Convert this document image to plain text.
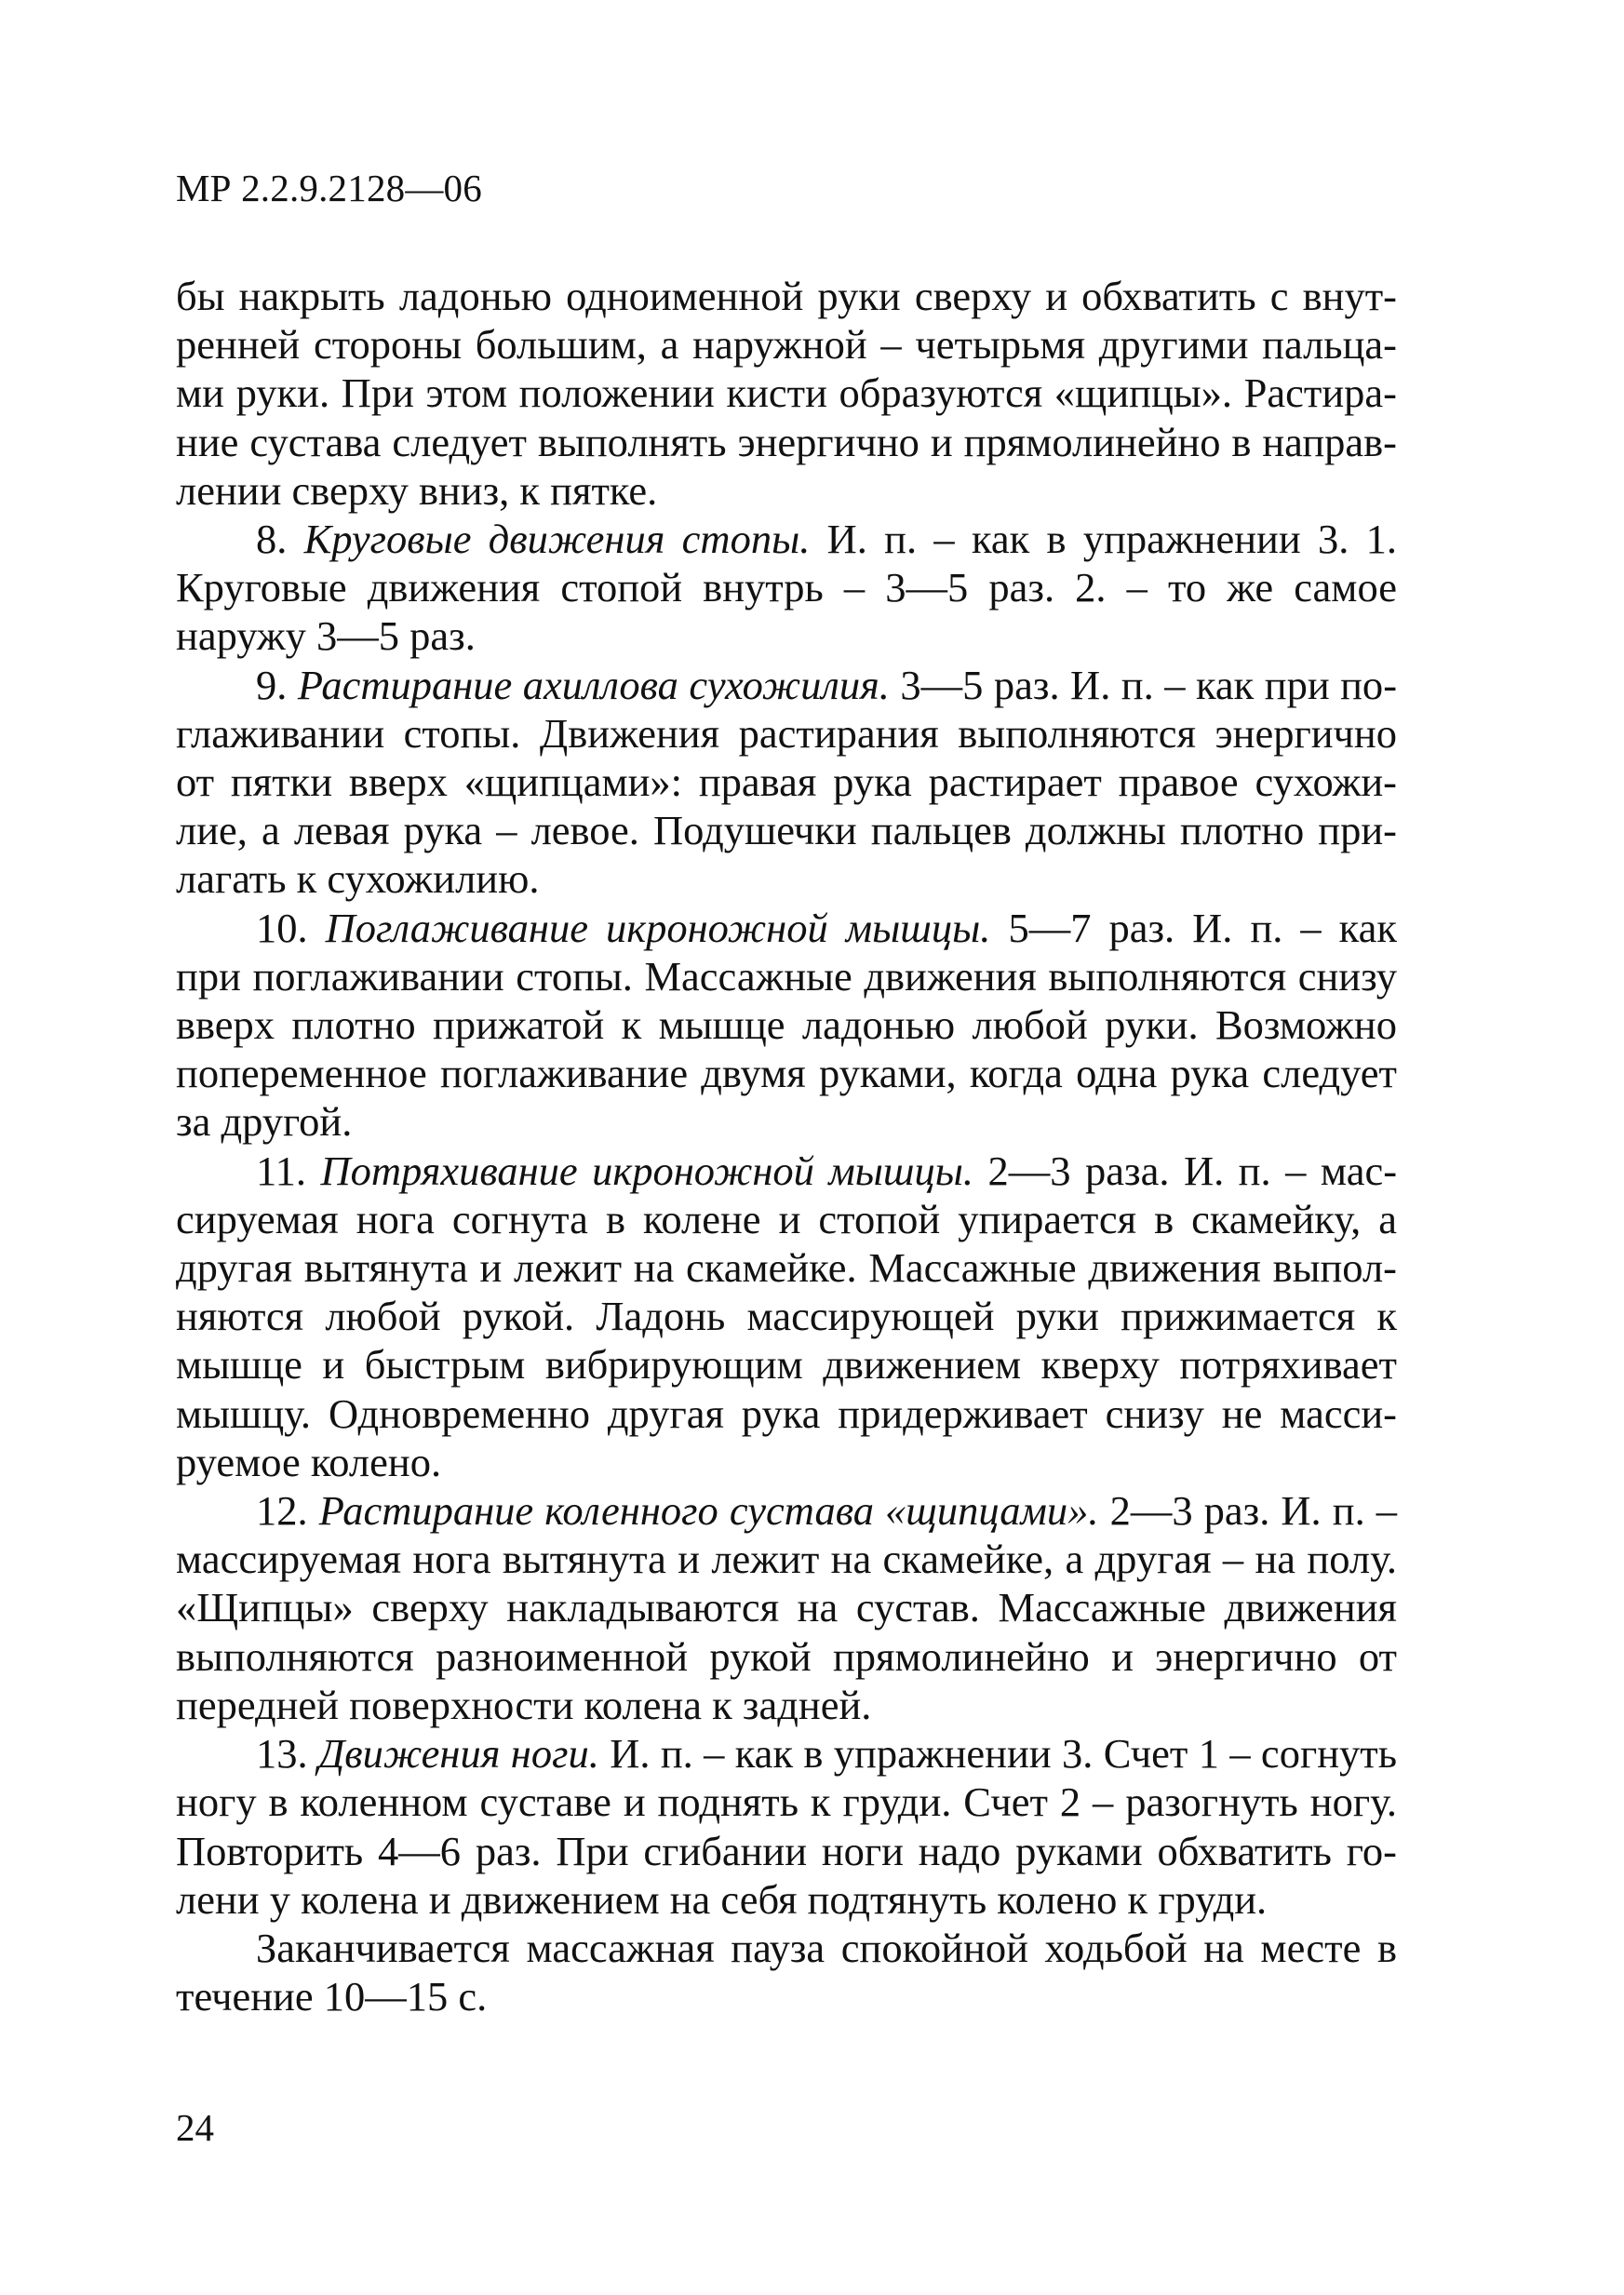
МР 2.2.9.2128—06

бы накрыть ладонью одноименной руки сверху и обхватить с внутренней стороны большим, а наружной – четырьмя другими пальцами руки. При этом положении кисти образуются «щипцы». Растирание сустава следует выполнять энергично и прямолинейно в направлении сверху вниз, к пятке.

8. Круговые движения стопы. И. п. – как в упражнении 3. 1. Круговые движения стопой внутрь – 3—5 раз. 2. – то же самое наружу 3—5 раз.

9. Растирание ахиллова сухожилия. 3—5 раз. И. п. – как при поглаживании стопы. Движения растирания выполняются энергично от пятки вверх «щипцами»: правая рука растирает правое сухожилие, а левая рука – левое. Подушечки пальцев должны плотно прилагать к сухожилию.

10. Поглаживание икроножной мышцы. 5—7 раз. И. п. – как при поглаживании стопы. Массажные движения выполняются снизу вверх плотно прижатой к мышце ладонью любой руки. Возможно попеременное поглаживание двумя руками, когда одна рука следует за другой.

11. Потряхивание икроножной мышцы. 2—3 раза. И. п. – массируемая нога согнута в колене и стопой упирается в скамейку, а другая вытянута и лежит на скамейке. Массажные движения выполняются любой рукой. Ладонь массирующей руки прижимается к мышце и быстрым вибрирующим движением кверху потряхивает мышцу. Одновременно другая рука придерживает снизу не массируемое колено.

12. Растирание коленного сустава «щипцами». 2—3 раз. И. п. – массируемая нога вытянута и лежит на скамейке, а другая – на полу. «Щипцы» сверху накладываются на сустав. Массажные движения выполняются разноименной рукой прямолинейно и энергично от передней поверхности колена к задней.

13. Движения ноги. И. п. – как в упражнении 3. Счет 1 – согнуть ногу в коленном суставе и поднять к груди. Счет 2 – разогнуть ногу. Повторить 4—6 раз. При сгибании ноги надо руками обхватить голени у колена и движением на себя подтянуть колено к груди.

Заканчивается массажная пауза спокойной ходьбой на месте в течение 10—15 с.

24
